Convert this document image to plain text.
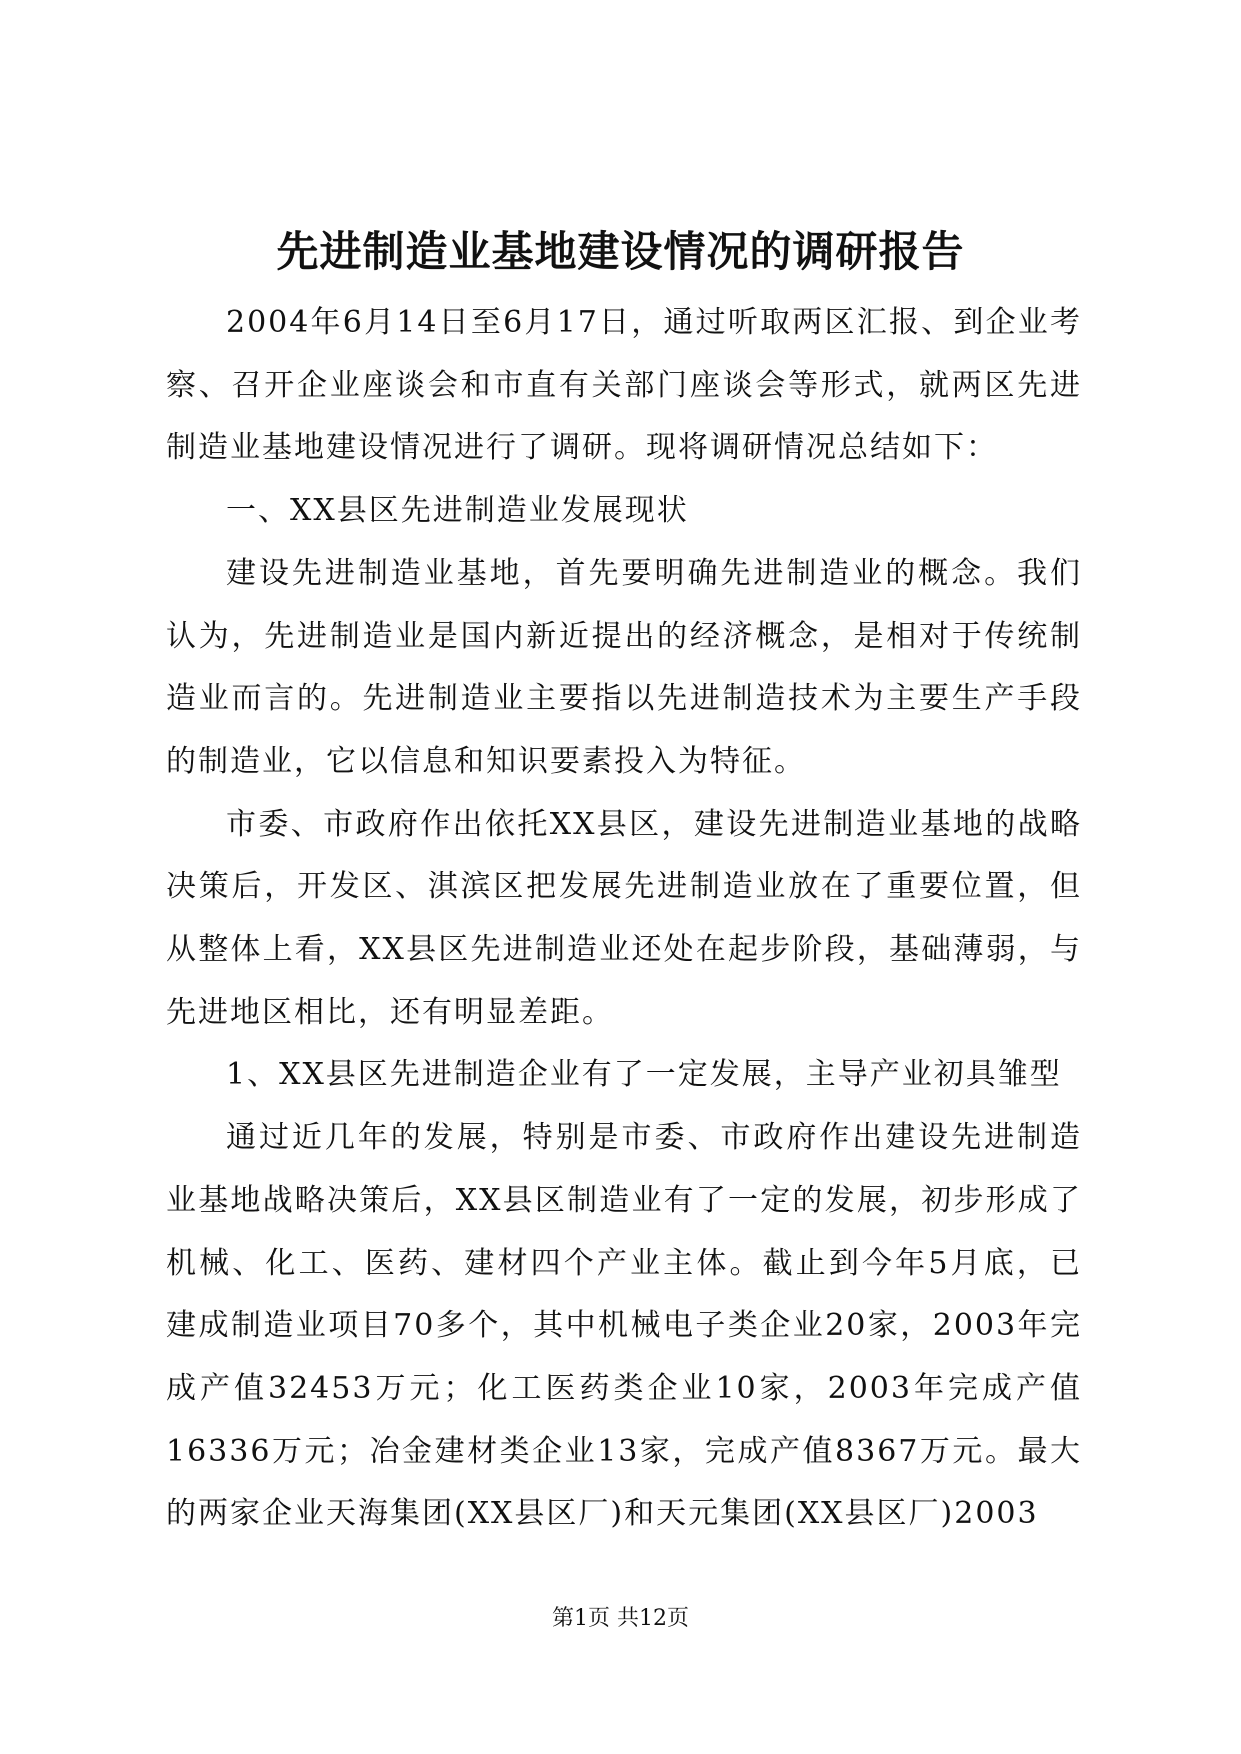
先进制造业基地建设情况的调研报告

2004年6月14日至6月17日，通过听取两区汇报、到企业考察、召开企业座谈会和市直有关部门座谈会等形式，就两区先进制造业基地建设情况进行了调研。现将调研情况总结如下：

一、XX县区先进制造业发展现状

建设先进制造业基地，首先要明确先进制造业的概念。我们认为，先进制造业是国内新近提出的经济概念，是相对于传统制造业而言的。先进制造业主要指以先进制造技术为主要生产手段的制造业，它以信息和知识要素投入为特征。

市委、市政府作出依托XX县区，建设先进制造业基地的战略决策后，开发区、淇滨区把发展先进制造业放在了重要位置，但从整体上看，XX县区先进制造业还处在起步阶段，基础薄弱，与先进地区相比，还有明显差距。

1、XX县区先进制造企业有了一定发展，主导产业初具雏型

通过近几年的发展，特别是市委、市政府作出建设先进制造业基地战略决策后，XX县区制造业有了一定的发展，初步形成了机械、化工、医药、建材四个产业主体。截止到今年5月底，已建成制造业项目70多个，其中机械电子类企业20家，2003年完成产值32453万元；化工医药类企业10家，2003年完成产值16336万元；冶金建材类企业13家，完成产值8367万元。最大的两家企业天海集团(XX县区厂)和天元集团(XX县区厂)2003

第1页 共12页
